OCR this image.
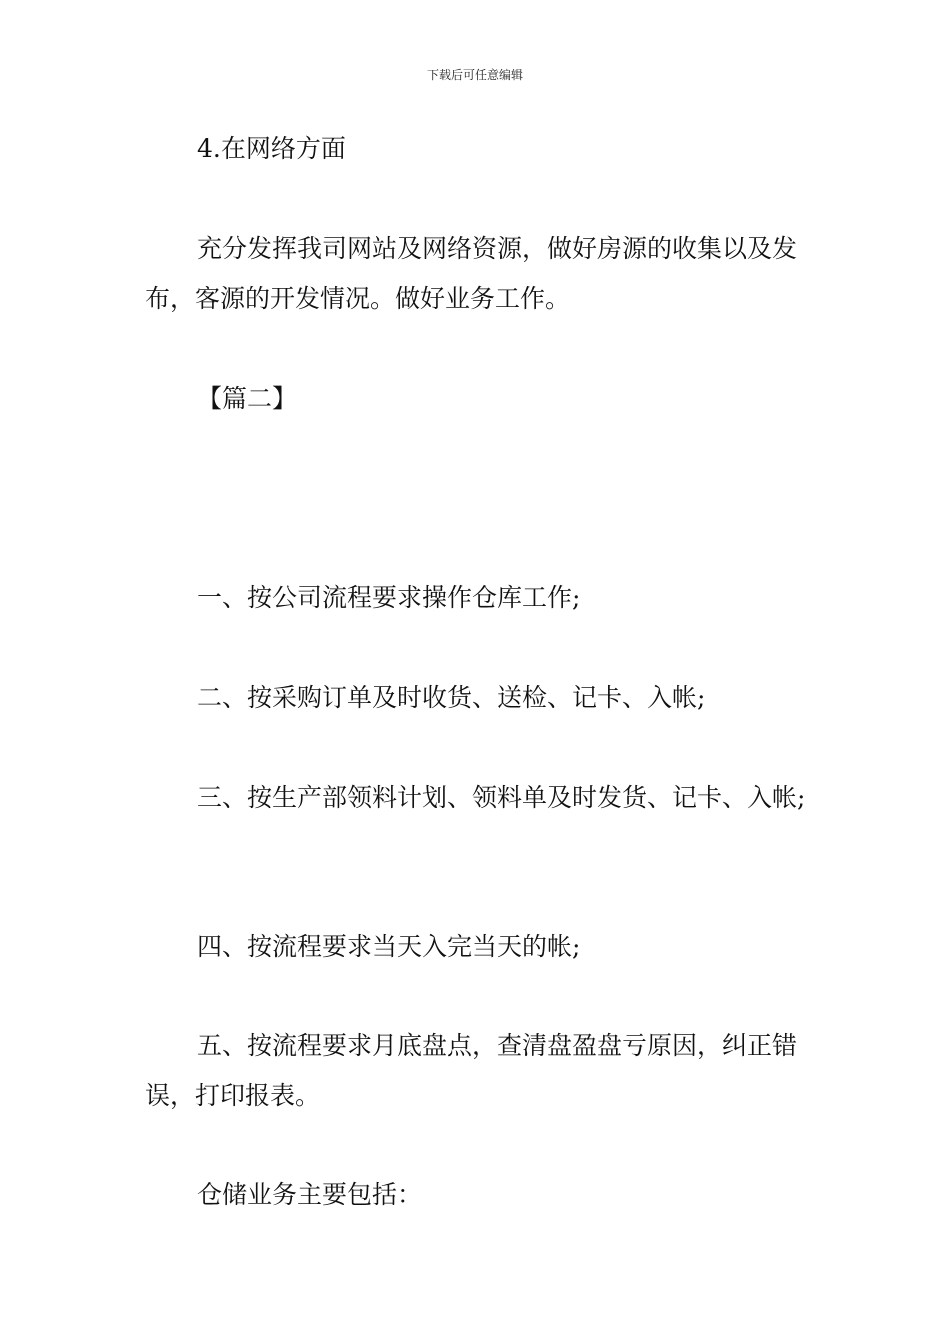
下载后可任意编辑

4.在网络方面

充分发挥我司网站及网络资源，做好房源的收集以及发布，客源的开发情况。做好业务工作。

【篇二】

一、按公司流程要求操作仓库工作;

二、按采购订单及时收货、送检、记卡、入帐;

三、按生产部领料计划、领料单及时发货、记卡、入帐;

四、按流程要求当天入完当天的帐;

五、按流程要求月底盘点，查清盘盈盘亏原因，纠正错误，打印报表。

仓储业务主要包括：
